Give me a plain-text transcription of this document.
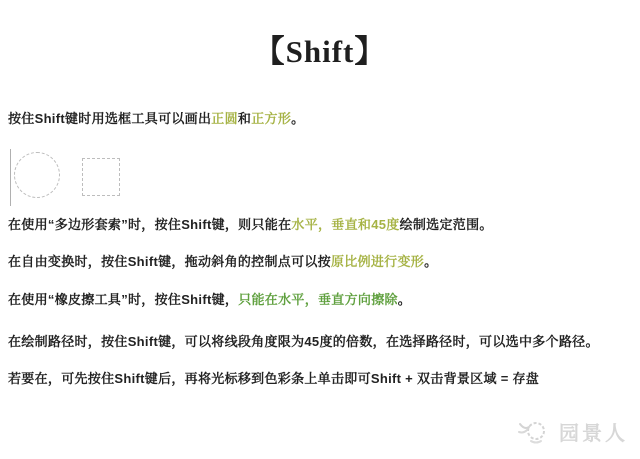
【Shift】

按住Shift键时用选框工具可以画出正圆和正方形。

在使用“多边形套索”时，按住Shift键，则只能在水平，垂直和45度绘制选定范围。

在自由变换时，按住Shift键，拖动斜角的控制点可以按原比例进行变形。

在使用“橡皮擦工具”时，按住Shift键，只能在水平，垂直方向擦除。

在绘制路径时，按住Shift键，可以将线段角度限为45度的倍数，在选择路径时，可以选中多个路径。

若要在，可先按住Shift键后，再将光标移到色彩条上单击即可Shift + 双击背景区域 = 存盘

园景人
